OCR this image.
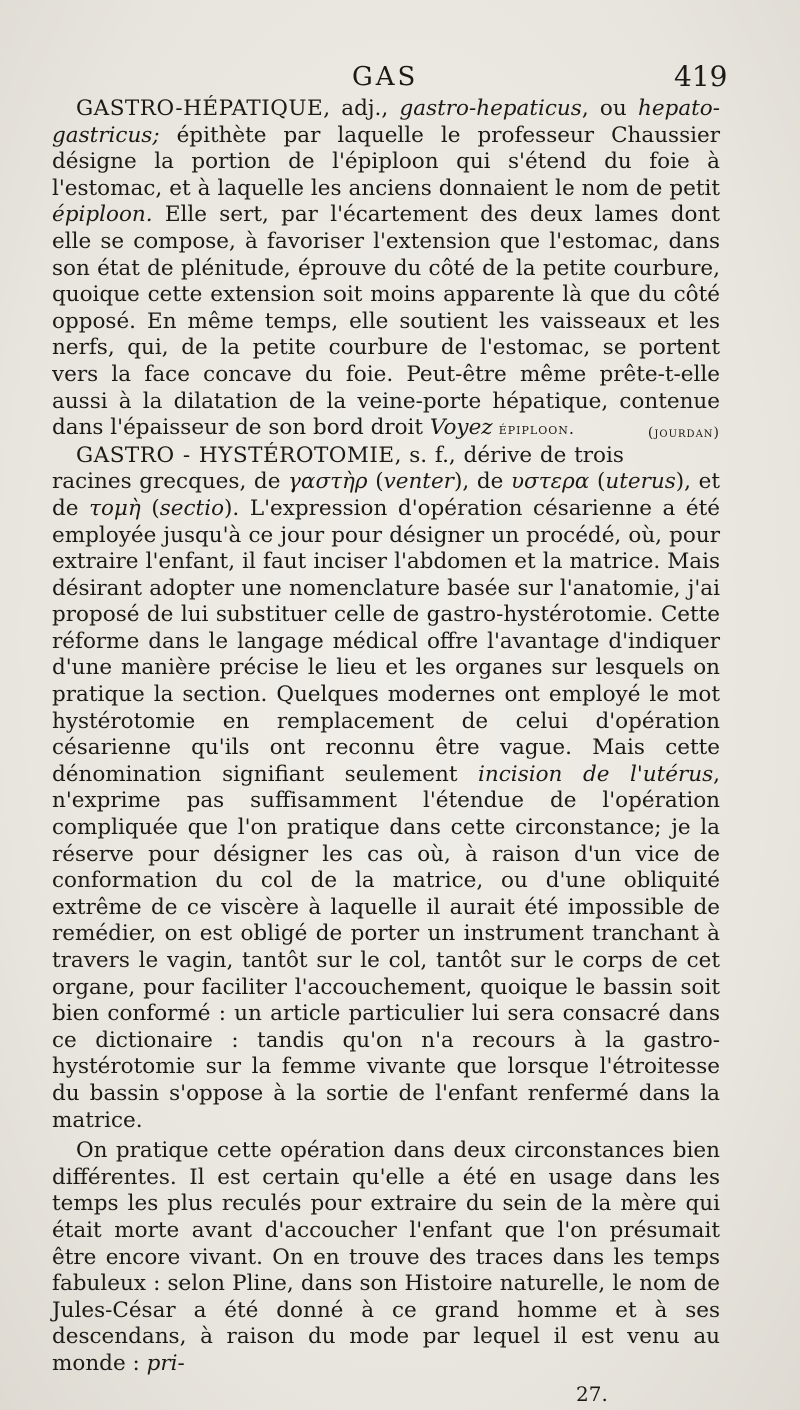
GAS	419

GASTRO-HÉPATIQUE, adj., gastro-hepaticus, ou hepato-gastricus; épithète par laquelle le professeur Chaussier désigne la portion de l'épiploon qui s'étend du foie à l'estomac, et à laquelle les anciens donnaient le nom de petit épiploon. Elle sert, par l'écartement des deux lames dont elle se compose, à favoriser l'extension que l'estomac, dans son état de plénitude, éprouve du côté de la petite courbure, quoique cette extension soit moins apparente là que du côté opposé. En même temps, elle soutient les vaisseaux et les nerfs, qui, de la petite courbure de l'estomac, se portent vers la face concave du foie. Peut-être même prête-t-elle aussi à la dilatation de la veine-porte hépatique, contenue dans l'épaisseur de son bord droit Voyez épiploon.	(jourdan)

GASTRO - HYSTÉROTOMIE, s. f., dérive de trois racines grecques, de γαστὴρ (venter), de υστερα (uterus), et de τομὴ (sectio). L'expression d'opération césarienne a été employée jusqu'à ce jour pour désigner un procédé, où, pour extraire l'enfant, il faut inciser l'abdomen et la matrice. Mais désirant adopter une nomenclature basée sur l'anatomie, j'ai proposé de lui substituer celle de gastro-hystérotomie. Cette réforme dans le langage médical offre l'avantage d'indiquer d'une manière précise le lieu et les organes sur lesquels on pratique la section. Quelques modernes ont employé le mot hystérotomie en remplacement de celui d'opération césarienne qu'ils ont reconnu être vague. Mais cette dénomination signifiant seulement incision de l'utérus, n'exprime pas suffisamment l'étendue de l'opération compliquée que l'on pratique dans cette circonstance; je la réserve pour désigner les cas où, à raison d'un vice de conformation du col de la matrice, ou d'une obliquité extrême de ce viscère à laquelle il aurait été impossible de remédier, on est obligé de porter un instrument tranchant à travers le vagin, tantôt sur le col, tantôt sur le corps de cet organe, pour faciliter l'accouchement, quoique le bassin soit bien conformé : un article particulier lui sera consacré dans ce dictionaire : tandis qu'on n'a recours à la gastro-hystérotomie sur la femme vivante que lorsque l'étroitesse du bassin s'oppose à la sortie de l'enfant renfermé dans la matrice.

On pratique cette opération dans deux circonstances bien différentes. Il est certain qu'elle a été en usage dans les temps les plus reculés pour extraire du sein de la mère qui était morte avant d'accoucher l'enfant que l'on présumait être encore vivant. On en trouve des traces dans les temps fabuleux : selon Pline, dans son Histoire naturelle, le nom de Jules-César a été donné à ce grand homme et à ses descendans, à raison du mode par lequel il est venu au monde : pri-

27.
